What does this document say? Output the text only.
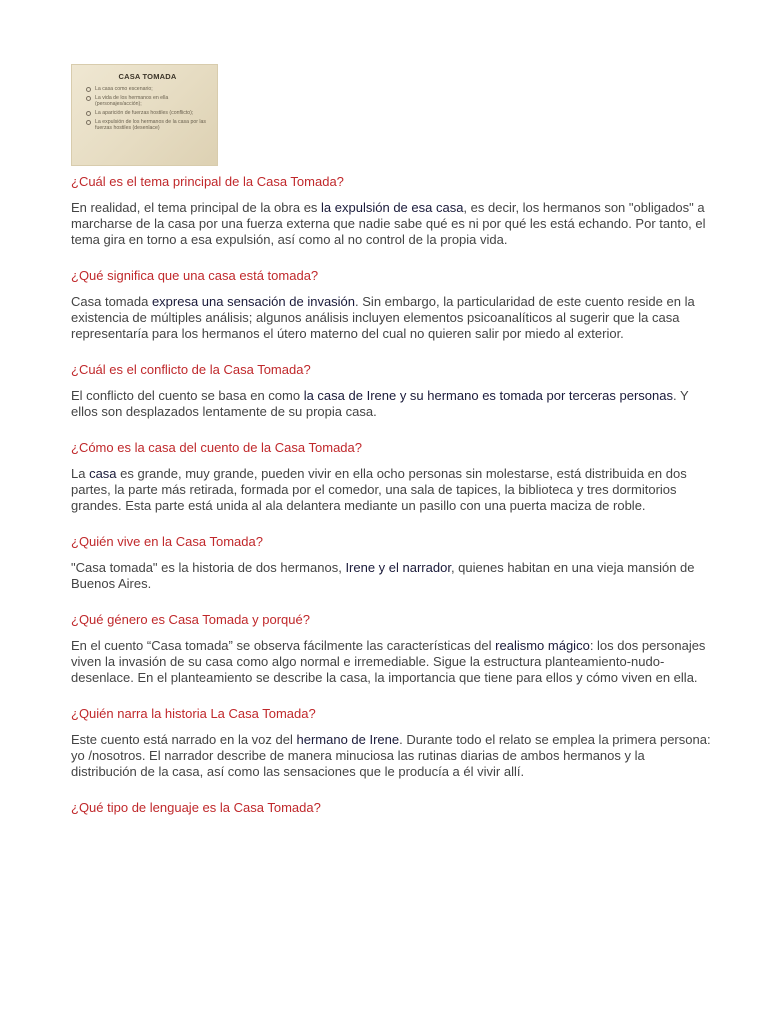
CASA TOMADA
La casa como escenario;
La vida de los hermanos en ella (personajes/acción);
La aparición de fuerzas hostiles (conflicto);
La expulsión de los hermanos de la casa por las fuerzas hostiles (desenlace)

¿Cuál es el tema principal de la Casa Tomada?

En realidad, el tema principal de la obra es la expulsión de esa casa, es decir, los hermanos son "obligados" a marcharse de la casa por una fuerza externa que nadie sabe qué es ni por qué les está echando. Por tanto, el tema gira en torno a esa expulsión, así como al no control de la propia vida.

¿Qué significa que una casa está tomada?

Casa tomada expresa una sensación de invasión. Sin embargo, la particularidad de este cuento reside en la existencia de múltiples análisis; algunos análisis incluyen elementos psicoanalíticos al sugerir que la casa representaría para los hermanos el útero materno del cual no quieren salir por miedo al exterior.

¿Cuál es el conflicto de la Casa Tomada?

El conflicto del cuento se basa en como la casa de Irene y su hermano es tomada por terceras personas. Y ellos son desplazados lentamente de su propia casa.

¿Cómo es la casa del cuento de la Casa Tomada?

La casa es grande, muy grande, pueden vivir en ella ocho personas sin molestarse, está distribuida en dos partes, la parte más retirada, formada por el comedor, una sala de tapices, la biblioteca y tres dormitorios grandes. Esta parte está unida al ala delantera mediante un pasillo con una puerta maciza de roble.

¿Quién vive en la Casa Tomada?

"Casa tomada" es la historia de dos hermanos, Irene y el narrador, quienes habitan en una vieja mansión de Buenos Aires.

¿Qué género es Casa Tomada y porqué?

En el cuento “Casa tomada” se observa fácilmente las características del realismo mágico: los dos personajes viven la invasión de su casa como algo normal e irremediable. Sigue la estructura planteamiento-nudo-desenlace. En el planteamiento se describe la casa, la importancia que tiene para ellos y cómo viven en ella.

¿Quién narra la historia La Casa Tomada?

Este cuento está narrado en la voz del hermano de Irene. Durante todo el relato se emplea la primera persona: yo /nosotros. El narrador describe de manera minuciosa las rutinas diarias de ambos hermanos y la distribución de la casa, así como las sensaciones que le producía a él vivir allí.

¿Qué tipo de lenguaje es la Casa Tomada?
